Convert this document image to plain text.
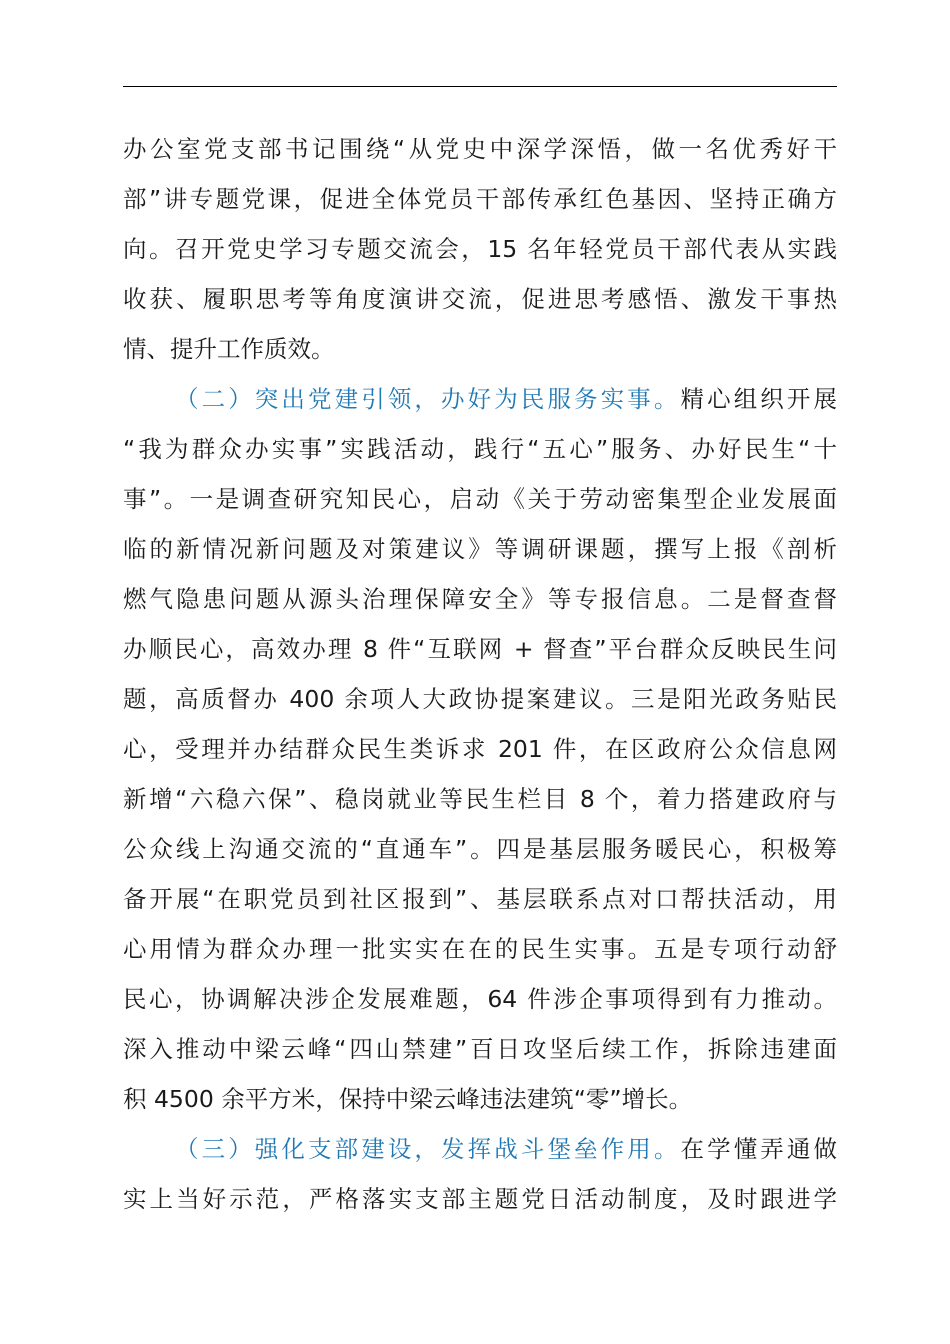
办公室党支部书记围绕“从党史中深学深悟，做一名优秀好干
部”讲专题党课，促进全体党员干部传承红色基因、坚持正确方
向。召开党史学习专题交流会，15 名年轻党员干部代表从实践
收获、履职思考等角度演讲交流，促进思考感悟、激发干事热
情、提升工作质效。
（二）突出党建引领，办好为民服务实事。精心组织开展
“我为群众办实事”实践活动，践行“五心”服务、办好民生“十
事”。一是调查研究知民心，启动《关于劳动密集型企业发展面
临的新情况新问题及对策建议》等调研课题，撰写上报《剖析
燃气隐患问题从源头治理保障安全》等专报信息。二是督查督
办顺民心，高效办理 8 件“互联网 + 督查”平台群众反映民生问
题，高质督办 400 余项人大政协提案建议。三是阳光政务贴民
心，受理并办结群众民生类诉求 201 件，在区政府公众信息网
新增“六稳六保”、稳岗就业等民生栏目 8 个，着力搭建政府与
公众线上沟通交流的“直通车”。四是基层服务暖民心，积极筹
备开展“在职党员到社区报到”、基层联系点对口帮扶活动，用
心用情为群众办理一批实实在在的民生实事。五是专项行动舒
民心，协调解决涉企发展难题，64 件涉企事项得到有力推动。
深入推动中梁云峰“四山禁建”百日攻坚后续工作，拆除违建面
积 4500 余平方米，保持中梁云峰违法建筑“零”增长。
（三）强化支部建设，发挥战斗堡垒作用。在学懂弄通做
实上当好示范，严格落实支部主题党日活动制度，及时跟进学
